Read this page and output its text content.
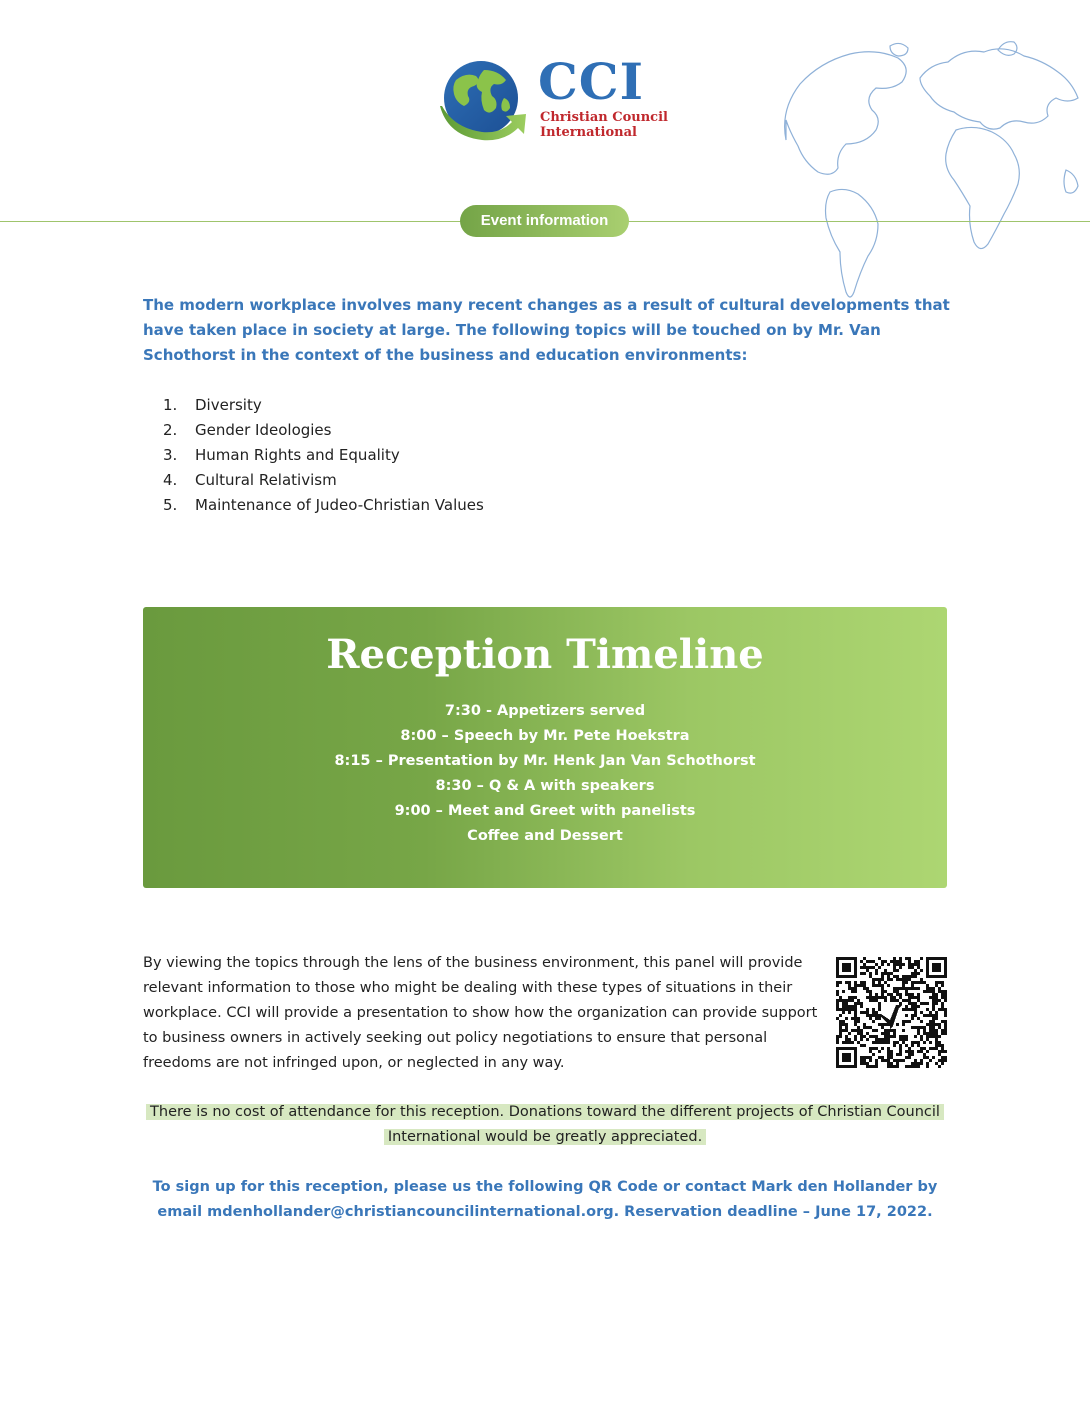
CCI

Christian Council
International
Event information

The modern workplace involves many recent changes as a result of cultural developments that have taken place in society at large. The following topics will be touched on by Mr. Van Schothorst in the context of the business and education environments:

1. Diversity
2. Gender Ideologies
3. Human Rights and Equality
4. Cultural Relativism
5. Maintenance of Judeo-Christian Values
Reception Timeline
7:30 - Appetizers served
8:00 – Speech by Mr. Pete Hoekstra
8:15 – Presentation by Mr. Henk Jan Van Schothorst
8:30 – Q & A with speakers
9:00 – Meet and Greet with panelists
Coffee and Dessert

By viewing the topics through the lens of the business environment, this panel will provide relevant information to those who might be dealing with these types of situations in their workplace. CCI will provide a presentation to show how the organization can provide support to business owners in actively seeking out policy negotiations to ensure that personal freedoms are not infringed upon, or neglected in any way.

There is no cost of attendance for this reception. Donations toward the different projects of Christian Council International would be greatly appreciated.

To sign up for this reception, please us the following QR Code or contact Mark den Hollander by email mdenhollander@christiancouncilinternational.org. Reservation deadline – June 17, 2022.
